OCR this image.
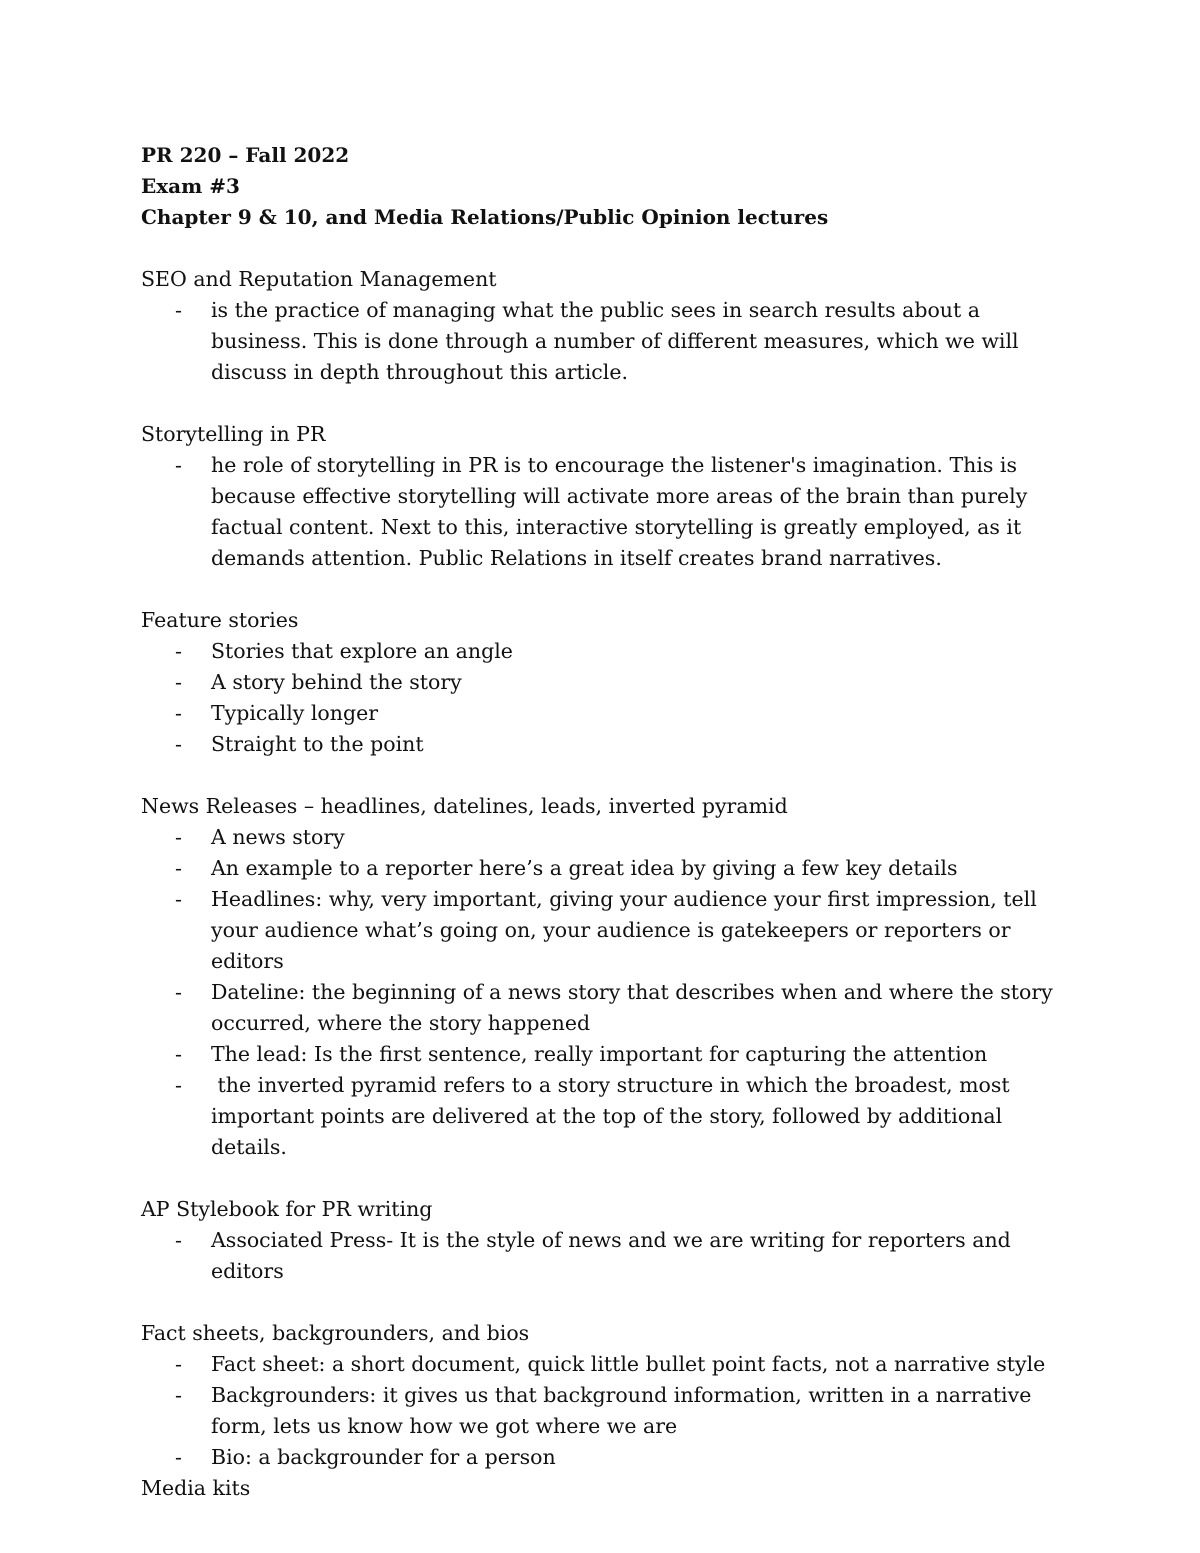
PR 220 – Fall 2022

Exam #3

Chapter 9 & 10, and Media Relations/Public Opinion lectures

SEO and Reputation Management

- is the practice of managing what the public sees in search results about a business. This is done through a number of different measures, which we will discuss in depth throughout this article.

Storytelling in PR

- he role of storytelling in PR is to encourage the listener's imagination. This is because effective storytelling will activate more areas of the brain than purely factual content. Next to this, interactive storytelling is greatly employed, as it demands attention. Public Relations in itself creates brand narratives.

Feature stories

- Stories that explore an angle
- A story behind the story
- Typically longer
- Straight to the point

News Releases – headlines, datelines, leads, inverted pyramid

- A news story
- An example to a reporter here’s a great idea by giving a few key details
- Headlines: why, very important, giving your audience your first impression, tell your audience what’s going on, your audience is gatekeepers or reporters or editors
- Dateline: the beginning of a news story that describes when and where the story occurred, where the story happened
- The lead: Is the first sentence, really important for capturing the attention
- the inverted pyramid refers to a story structure in which the broadest, most important points are delivered at the top of the story, followed by additional details.

AP Stylebook for PR writing

- Associated Press- It is the style of news and we are writing for reporters and editors

Fact sheets, backgrounders, and bios

- Fact sheet: a short document, quick little bullet point facts, not a narrative style
- Backgrounders: it gives us that background information, written in a narrative form, lets us know how we got where we are
- Bio: a backgrounder for a person

Media kits
